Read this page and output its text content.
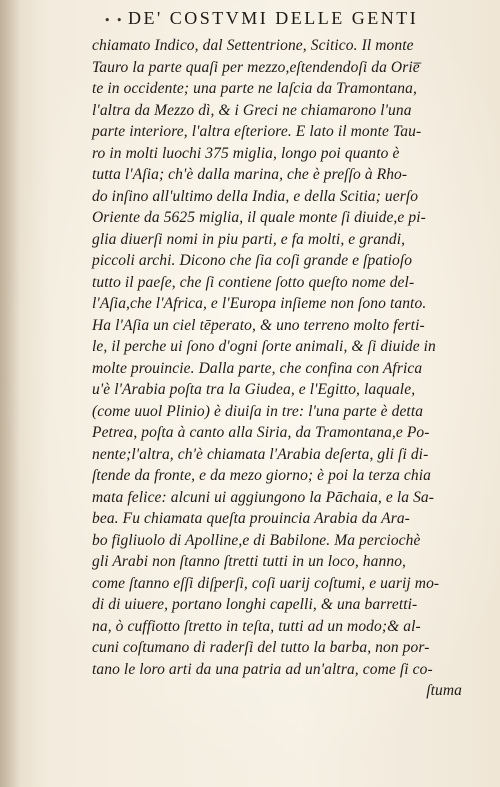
• • DE' COSTVMI DELLE GENTI
chiamato Indico, dal Settentrione, Scitico. Il monte
Tauro la parte quaſi per mezzo,eſtendendoſi da Orie̅
te in occidente; una parte ne laſcia da Tramontana,
l'altra da Mezzo dì, & i Greci ne chiamarono l'una
parte interiore, l'altra eſteriore. E lato il monte Tau-
ro in molti luochi 375 miglia, longo poi quanto è
tutta l'Aſia; ch'è dalla marina, che è preſſo à Rho-
do inſino all'ultimo della India, e della Scitia; uerſo
Oriente da 5625 miglia, il quale monte ſi diuide,e pi-
glia diuerſi nomi in piu parti, e fa molti, e grandi,
piccoli archi. Dicono che ſia coſi grande e ſpatioſo
tutto il paeſe, che ſi contiene ſotto queſto nome del-
l'Aſia,che l'Africa, e l'Europa inſieme non ſono tanto.
Ha l'Aſia un ciel tēperato, & uno terreno molto ferti-
le, il perche ui ſono d'ogni ſorte animali, & ſi diuide in
molte prouincie. Dalla parte, che confina con Africa
u'è l'Arabia poſta tra la Giudea, e l'Egitto, laquale,
(come uuol Plinio) è diuiſa in tre: l'una parte è detta
Petrea, poſta à canto alla Siria, da Tramontana,e Po-
nente;l'altra, ch'è chiamata l'Arabia deſerta, gli ſi di-
ſtende da fronte, e da mezo giorno; è poi la terza chia
mata felice: alcuni ui aggiungono la Pāchaia, e la Sa-
bea. Fu chiamata queſta prouincia Arabia da Ara-
bo figliuolo di Apolline,e di Babilone. Ma perciochè
gli Arabi non ſtanno ſtretti tutti in un loco, hanno,
come ſtanno eſſi diſperſi, coſi uarij coſtumi, e uarij mo-
di di uiuere, portano longhi capelli, & una barretti-
na, ò cuffiotto ſtretto in teſta, tutti ad un modo;& al-
cuni coſtumano di raderſi del tutto la barba, non por-
tano le loro arti da una patria ad un'altra, come ſi co-
ſtuma
